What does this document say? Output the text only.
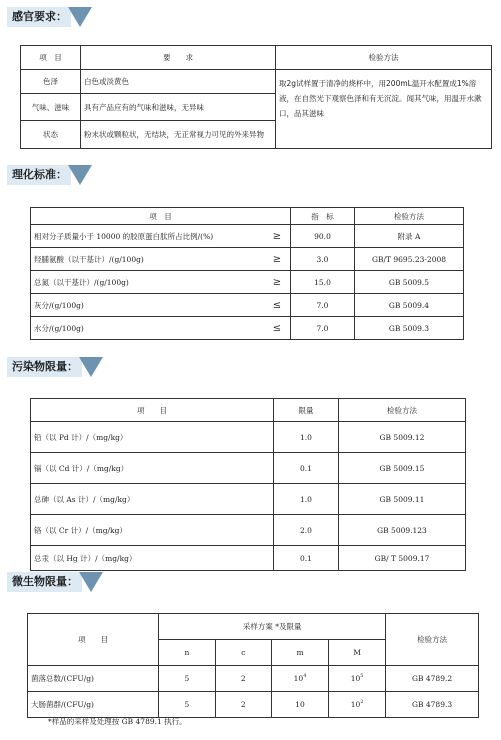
感官要求：
项　目	要　　求	检验方法
色泽	白色或淡黄色	取2g试样置于清净的烧杯中，用200mL温开水配置成1%溶液，在自然光下观察色泽和有无沉淀。闻其气味，用温开水漱口，品其滋味
气味、滋味	具有产品应有的气味和滋味，无异味	
状态	粉末状或颗粒状，无结块，无正常视力可见的外来异物	
理化标准：
项　目		指　标	检验方法
相对分子质量小于 10000 的胶原蛋白肽所占比例/(%)	≥	90.0	附录 A
羟脯氨酸（以干基计）/(g/100g)	≥	3.0	GB/T 9695.23-2008
总氮（以干基计）/(g/100g)	≥	15.0	GB 5009.5
灰分/(g/100g)	≤	7.0	GB 5009.4
水分/(g/100g)	≤	7.0	GB 5009.3
污染物限量：
项　　目	限量	检验方法
铅（以 Pd 计）/（mg/kg）	1.0	GB 5009.12
镉（以 Cd 计）/（mg/kg）	0.1	GB 5009.15
总砷（以 As 计）/（mg/kg）	1.0	GB 5009.11
铬（以 Cr 计）/（mg/kg）	2.0	GB 5009.123
总汞（以 Hg 计）/（mg/kg）	0.1	GB/ T 5009.17
微生物限量：
项　　目	采样方案 *及限量				检验方法
	n	c	m	M	
菌落总数/(CFU/g)	5	2	$10^4$	$10^5$	GB 4789.2
大肠菌群/(CFU/g)	5	2	10	$10^2$	GB 4789.3
*样品的采样及处理按 GB 4789.1 执行。
